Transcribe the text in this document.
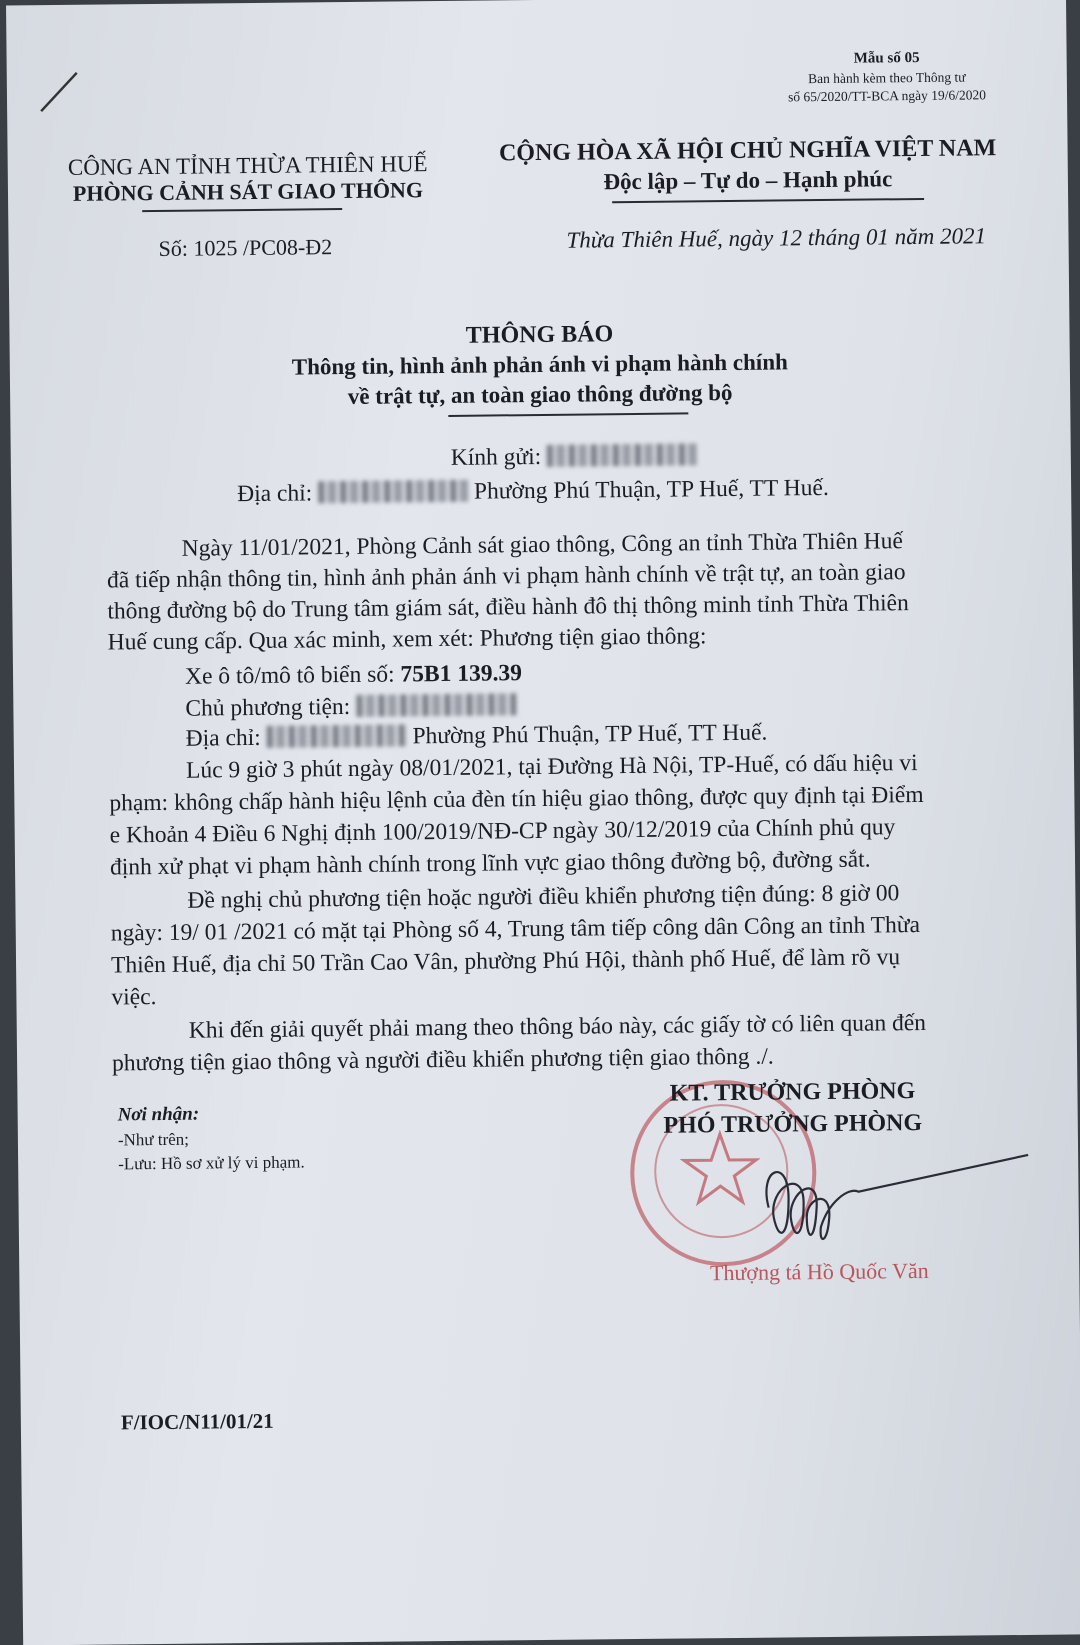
Mẫu số 05
Ban hành kèm theo Thông tư
số 65/2020/TT-BCA ngày 19/6/2020
CÔNG AN TỈNH THỪA THIÊN HUẾ
PHÒNG CẢNH SÁT GIAO THÔNG
Số: 1025 /PC08-Đ2
CỘNG HÒA XÃ HỘI CHỦ NGHĨA VIỆT NAM
Độc lập – Tự do – Hạnh phúc
Thừa Thiên Huế, ngày 12 tháng 01 năm 2021
THÔNG BÁO
Thông tin, hình ảnh phản ánh vi phạm hành chính
về trật tự, an toàn giao thông đường bộ
Kính gửi:
Địa chỉ:	Phường Phú Thuận, TP Huế, TT Huế.
Ngày 11/01/2021, Phòng Cảnh sát giao thông, Công an tỉnh Thừa Thiên Huế
đã tiếp nhận thông tin, hình ảnh phản ánh vi phạm hành chính về trật tự, an toàn giao
thông đường bộ do Trung tâm giám sát, điều hành đô thị thông minh tỉnh Thừa Thiên
Huế cung cấp. Qua xác minh, xem xét: Phương tiện giao thông:
Xe ô tô/mô tô biển số: 75B1 139.39
Chủ phương tiện:
Địa chỉ:	Phường Phú Thuận, TP Huế, TT Huế.
Lúc 9 giờ 3 phút ngày 08/01/2021, tại Đường Hà Nội, TP-Huế, có dấu hiệu vi
phạm: không chấp hành hiệu lệnh của đèn tín hiệu giao thông, được quy định tại Điểm
e Khoản 4 Điều 6 Nghị định 100/2019/NĐ-CP ngày 30/12/2019 của Chính phủ quy
định xử phạt vi phạm hành chính trong lĩnh vực giao thông đường bộ, đường sắt.
Đề nghị chủ phương tiện hoặc người điều khiển phương tiện đúng: 8 giờ 00
ngày: 19/ 01 /2021 có mặt tại Phòng số 4, Trung tâm tiếp công dân Công an tỉnh Thừa
Thiên Huế, địa chỉ 50 Trần Cao Vân, phường Phú Hội, thành phố Huế, để làm rõ vụ
việc.
Khi đến giải quyết phải mang theo thông báo này, các giấy tờ có liên quan đến
phương tiện giao thông và người điều khiển phương tiện giao thông ./.
Nơi nhận:
-Như trên;
-Lưu: Hồ sơ xử lý vi phạm.
KT. TRƯỞNG PHÒNG
PHÓ TRƯỞNG PHÒNG
Thượng tá Hồ Quốc Văn
F/IOC/N11/01/21
